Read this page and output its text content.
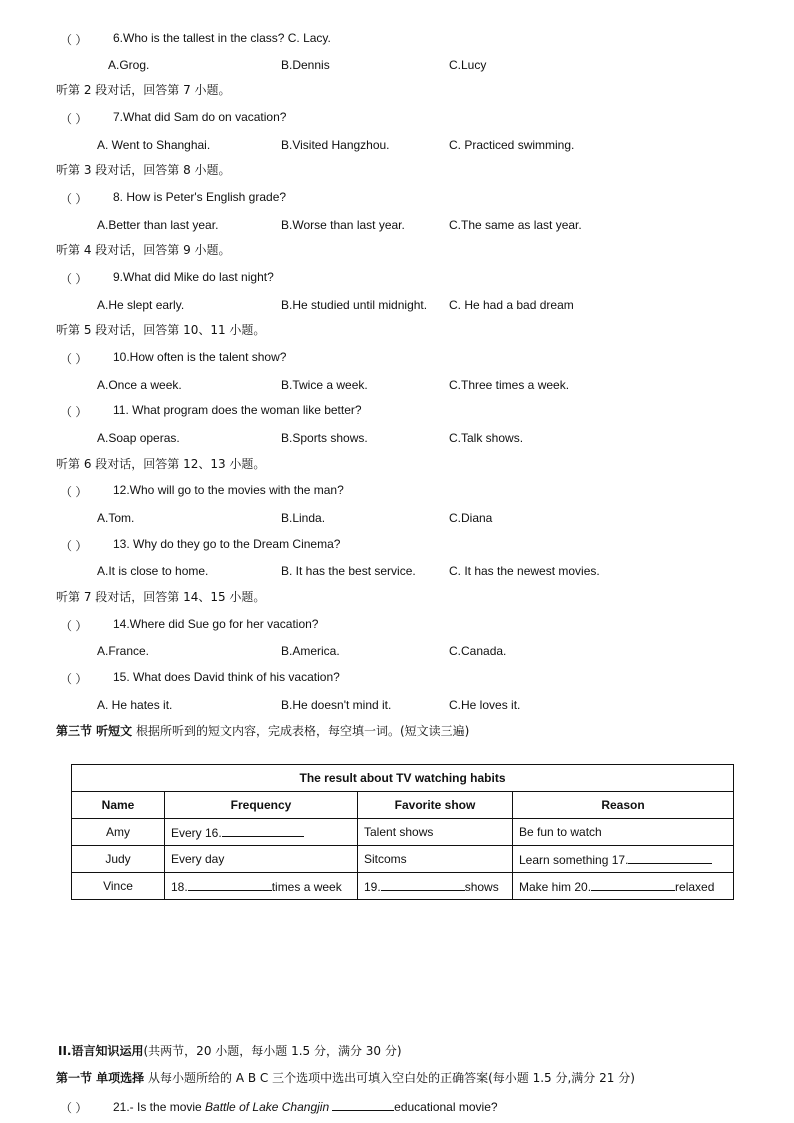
（ ） 6.Who is the tallest in the class? C. Lacy.
A.Grog.	B.Dennis	C.Lucy
听第 2 段对话，回答第 7 小题。
（ ） 7.What did Sam do on vacation?
A. Went to Shanghai.	B.Visited Hangzhou.	C. Practiced swimming.
听第 3 段对话，回答第 8 小题。
（ ） 8. How is Peter's English grade?
A.Better than last year.	B.Worse than last year.	C.The same as last year.
听第 4 段对话，回答第 9 小题。
（ ） 9.What did Mike do last night?
A.He slept early.	B.He studied until midnight. C. He had a bad dream
听第 5 段对话，回答第 10、11 小题。
（ ） 10.How often is the talent show?
A.Once a week.	B.Twice a week.	C.Three times a week.
（ ） 11. What program does the woman like better?
A.Soap operas.	B.Sports shows.	C.Talk shows.
听第 6 段对话，回答第 12、13 小题。
（ ） 12.Who will go to the movies with the man?
A.Tom.	B.Linda.	C.Diana
（ ） 13. Why do they go to the Dream Cinema?
A.It is close to home.	B. It has the best service.	C. It has the newest movies.
听第 7 段对话，回答第 14、15 小题。
（ ） 14.Where did Sue go for her vacation?
A.France.	B.America.	C.Canada.
（ ） 15. What does David think of his vacation?
A. He hates it.	B.He doesn't mind it.	C.He loves it.
第三节 听短文 根据所听到的短文内容，完成表格，每空填一词。(短文读三遍)
The result about TV watching habits			
Name	Frequency	Favorite show	Reason
Amy	Every 16.	Talent shows	Be fun to watch
Judy	Every day	Sitcoms	Learn something 17.
Vince	18. times a week	19. shows	Make him 20. relaxed
II.语言知识运用(共两节，20 小题，每小题 1.5 分，满分 30 分)
第一节 单项选择 从每小题所给的 A B C 三个选项中选出可填入空白处的正确答案(每小题 1.5 分,满分 21 分)
（ ） 21.- Is the movie Battle of Lake Changjin	educational movie?
